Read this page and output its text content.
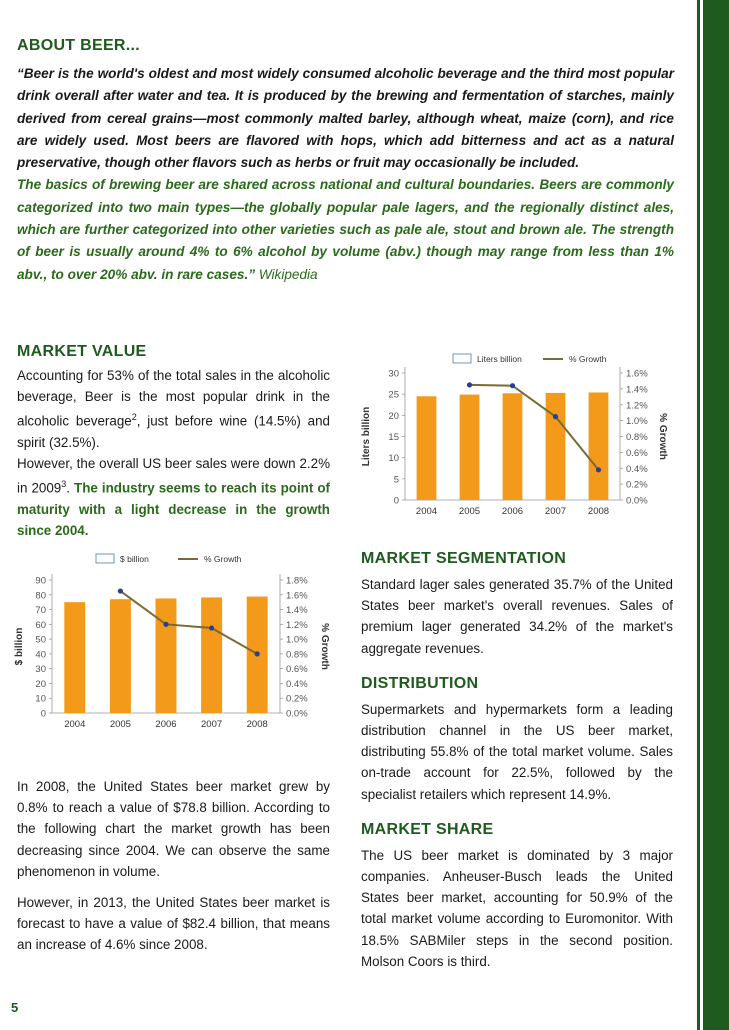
ABOUT BEER...

“Beer is the world's oldest and most widely consumed alcoholic beverage and the third most popular drink overall after water and tea. It is produced by the brewing and fermentation of starches, mainly derived from cereal grains—most commonly malted barley, although wheat, maize (corn), and rice are widely used. Most beers are flavored with hops, which add bitterness and act as a natural preservative, though other flavors such as herbs or fruit may occasionally be included.
The basics of brewing beer are shared across national and cultural boundaries. Beers are commonly categorized into two main types—the globally popular pale lagers, and the regionally distinct ales, which are further categorized into other varieties such as pale ale, stout and brown ale. The strength of beer is usually around 4% to 6% alcohol by volume (abv.) though may range from less than 1% abv., to over 20% abv. in rare cases.” Wikipedia

MARKET VALUE

Accounting for 53% of the total sales in the alcoholic beverage, Beer is the most popular drink in the alcoholic beverage$^2$, just before wine (14.5%) and spirit (32.5%).

However, the overall US beer sales were down 2.2% in 2009$^3$. The industry seems to reach its point of maturity with a light decrease in the growth since 2004.

In 2008, the United States beer market grew by 0.8% to reach a value of $78.8 billion. According to the following chart the market growth has been decreasing since 2004. We can observe the same phenomenon in volume.

However, in 2013, the United States beer market is forecast to have a value of $82.4 billion, that means an increase of 4.6% since 2008.

MARKET SEGMENTATION

Standard lager sales generated 35.7% of the United States beer market's overall revenues. Sales of premium lager generated 34.2% of the market's aggregate revenues.

DISTRIBUTION

Supermarkets and hypermarkets form a leading distribution channel in the US beer market, distributing 55.8% of the total market volume. Sales on-trade account for 22.5%, followed by the specialist retailers which represent 14.9%.

MARKET SHARE

The US beer market is dominated by 3 major companies. Anheuser-Busch leads the United States beer market, accounting for 50.9% of the total market volume according to Euromonitor. With 18.5% SABMiler steps in the second position. Molson Coors is third.

Liters billion	% Growth
0
5
10
15
20
25
30
0.0%
0.2%
0.4%
0.6%
0.8%
1.0%
1.2%
1.4%
1.6%
Liters billion	% Growth
2004 2005 2006 2007 2008
$ billion	% Growth
0
10
20
30
40
50
60
70
80
90
0.0%
0.2%
0.4%
0.6%
0.8%
1.0%
1.2%
1.4%
1.6%
1.8%
$ billion	% Growth
2004	2005	2006	2007	2008
5
